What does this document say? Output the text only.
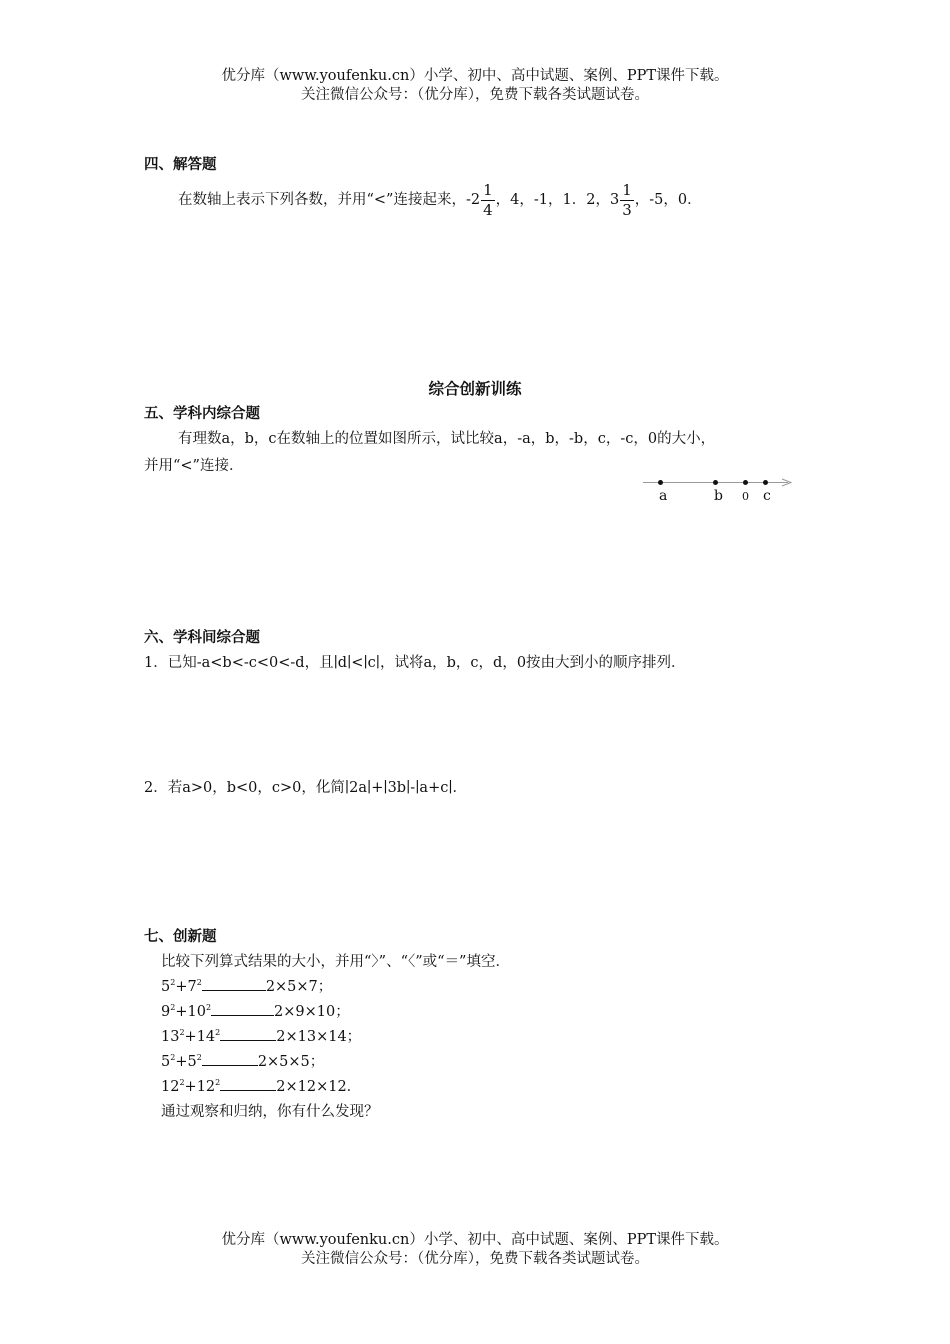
优分库（www.youfenku.cn）小学、初中、高中试题、案例、PPT课件下载。
关注微信公众号：（优分库），免费下载各类试题试卷。
四、解答题
在数轴上表示下列各数，并用“<”连接起来，$-2 \frac{1}{4}$ ，4，-1，1．2，$3 \frac{1}{3}$ ，-5，0．
综合创新训练
五、学科内综合题
有理数a，b，c在数轴上的位置如图所示，试比较a，-a，b，-b，c，-c，0的大小，
并用“<”连接．
a	b 0 c
六、学科间综合题
1．已知-a<b<-c<0<-d，且∣d∣<∣c∣，试将a，b，c，d，0按由大到小的顺序排列．
2．若a>0，b<0，c>0，化简∣2a∣+∣3b∣-∣a+c∣．
七、创新题
比较下列算式结果的大小，并用“〉”、“〈”或“＝”填空．
$5^2+7^2$	2×5×7；
$9^2+10^2$	2×9×10；
$13^2+14^2$	2×13×14；
$5^2+5^2$	2×5×5；
$12^2+12^2$	2×12×12．
通过观察和归纳，你有什么发现？
优分库（www.youfenku.cn）小学、初中、高中试题、案例、PPT课件下载。
关注微信公众号：（优分库），免费下载各类试题试卷。
